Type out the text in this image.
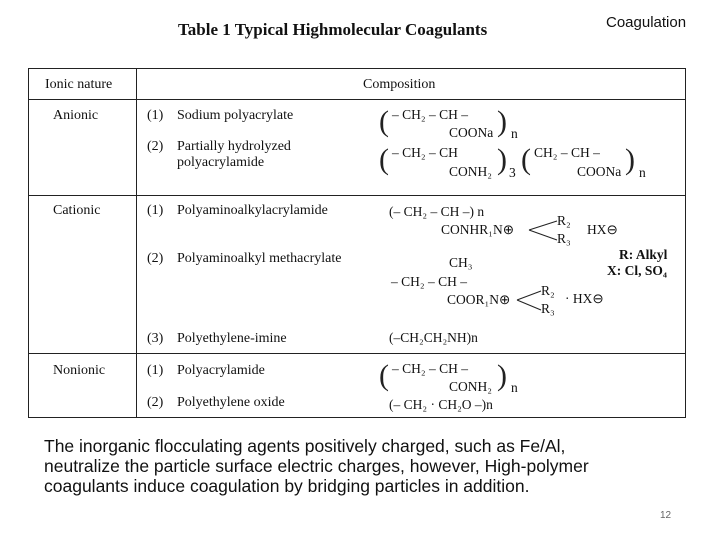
Table 1 Typical Highmolecular Coagulants	Coagulation
Ionic nature	Composition
Anionic	(1) Sodium polyacrylate	( – CH₂ – CH –
COONa ) n
(2) Partially hydrolyzed
polyacrylamide	( – CH₂ – CH
CONH₂ ) 3 ( CH₂ – CH –
COONa ) n
Cationic	(1) Polyaminoalkylacrylamide	(– CH₂ – CH –) n
CONHR₁N⊕
R₂
R₃
HX⊖
(2) Polyaminoalkyl methacrylate	CH₃
– CH₂ – CH –
COOR₁N⊕
R₂
R₃
· HX⊖
R: Alkyl
X: Cl, SO₄
(3) Polyethylene-imine	(–CH₂CH₂NH)n
Nonionic	(1) Polyacrylamide	( – CH₂ – CH –
CONH₂ ) n
(2) Polyethylene oxide	(– CH₂ · CH₂O –)n
The inorganic flocculating agents positively charged, such as Fe/Al,
neutralize the particle surface electric charges, however, High-polymer
coagulants induce coagulation by bridging particles in addition.
12
